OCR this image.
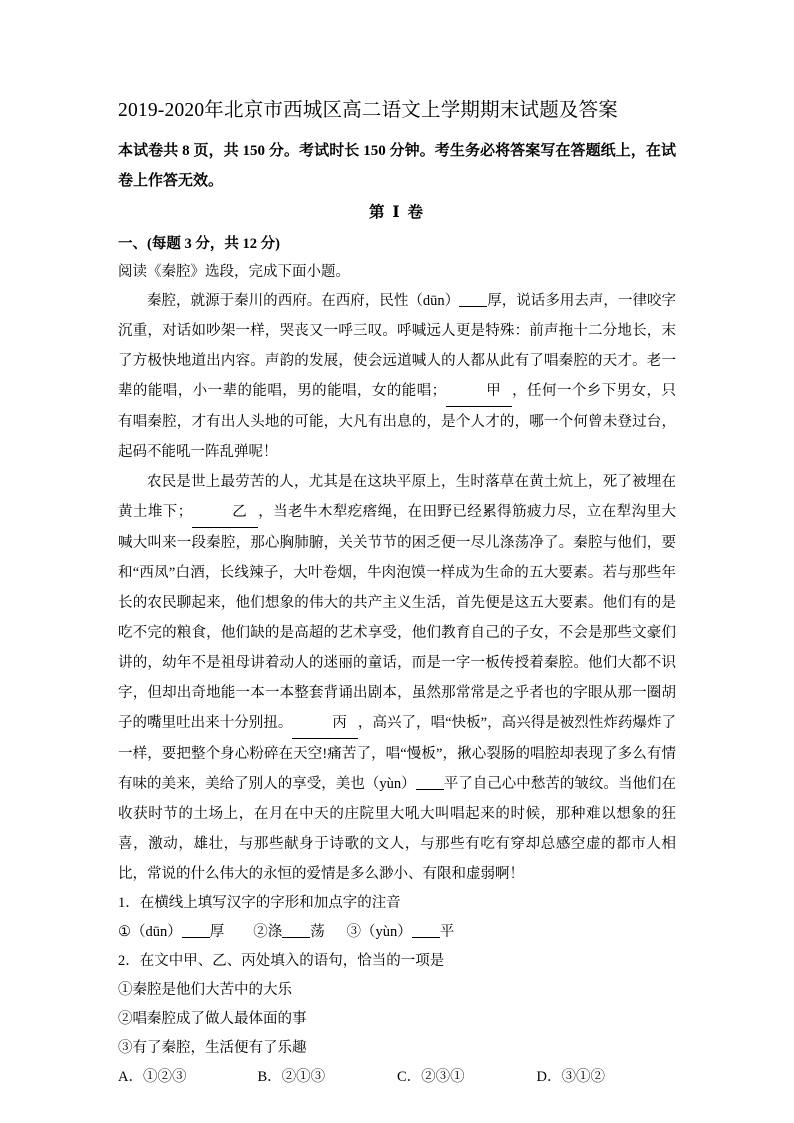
2019-2020年北京市西城区高二语文上学期期末试题及答案

本试卷共 8 页，共 150 分。考试时长 150 分钟。考生务必将答案写在答题纸上，在试卷上作答无效。

第 Ⅰ 卷

一、(每题 3 分，共 12 分)

阅读《秦腔》选段，完成下面小题。

秦腔，就源于秦川的西府。在西府，民性（dūn） 厚，说话多用去声，一律咬字沉重，对话如吵架一样，哭丧又一呼三叹。呼喊远人更是特殊：前声拖十二分地长，末了方极快地道出内容。声韵的发展，使会远道喊人的人都从此有了唱秦腔的天才。老一辈的能唱，小一辈的能唱，男的能唱，女的能唱；	甲 ，任何一个乡下男女，只有唱秦腔，才有出人头地的可能，大凡有出息的，是个人才的，哪一个何曾未登过台，起码不能吼一阵乱弹呢！

农民是世上最劳苦的人，尤其是在这块平原上，生时落草在黄土炕上，死了被埋在黄土堆下；	乙 ，当老牛木犁疙瘩绳，在田野已经累得筋疲力尽，立在犁沟里大喊大叫来一段秦腔，那心胸肺腑，关关节节的困乏便一尽儿涤荡净了。秦腔与他们，要和“西凤”白酒，长线辣子，大叶卷烟，牛肉泡馍一样成为生命的五大要素。若与那些年长的农民聊起来，他们想象的伟大的共产主义生活，首先便是这五大要素。他们有的是吃不完的粮食，他们缺的是高超的艺术享受，他们教育自己的子女，不会是那些文豪们讲的，幼年不是祖母讲着动人的迷丽的童话，而是一字一板传授着秦腔。他们大都不识字，但却出奇地能一本一本整套背诵出剧本，虽然那常常是之乎者也的字眼从那一圈胡子的嘴里吐出来十分别扭。	丙 ，高兴了，唱“快板”，高兴得是被烈性炸药爆炸了一样，要把整个身心粉碎在天空!痛苦了，唱“慢板”，揪心裂肠的唱腔却表现了多么有情有味的美来，美给了别人的享受，美也（yùn） 平了自己心中愁苦的皱纹。当他们在收获时节的土场上，在月在中天的庄院里大吼大叫唱起来的时候，那种难以想象的狂喜，激动，雄壮，与那些献身于诗歌的文人，与那些有吃有穿却总感空虚的都市人相比，常说的什么伟大的永恒的爱情是多么渺小、有限和虚弱啊！

1．在横线上填写汉字的字形和加点字的注音

①（dūn） 厚 ②涤 荡 ③（yùn） 平

2．在文中甲、乙、丙处填入的语句，恰当的一项是

①秦腔是他们大苦中的大乐

②唱秦腔成了做人最体面的事

③有了秦腔，生活便有了乐趣

A．①②③	B．②①③	C．②③①	D．③①②
